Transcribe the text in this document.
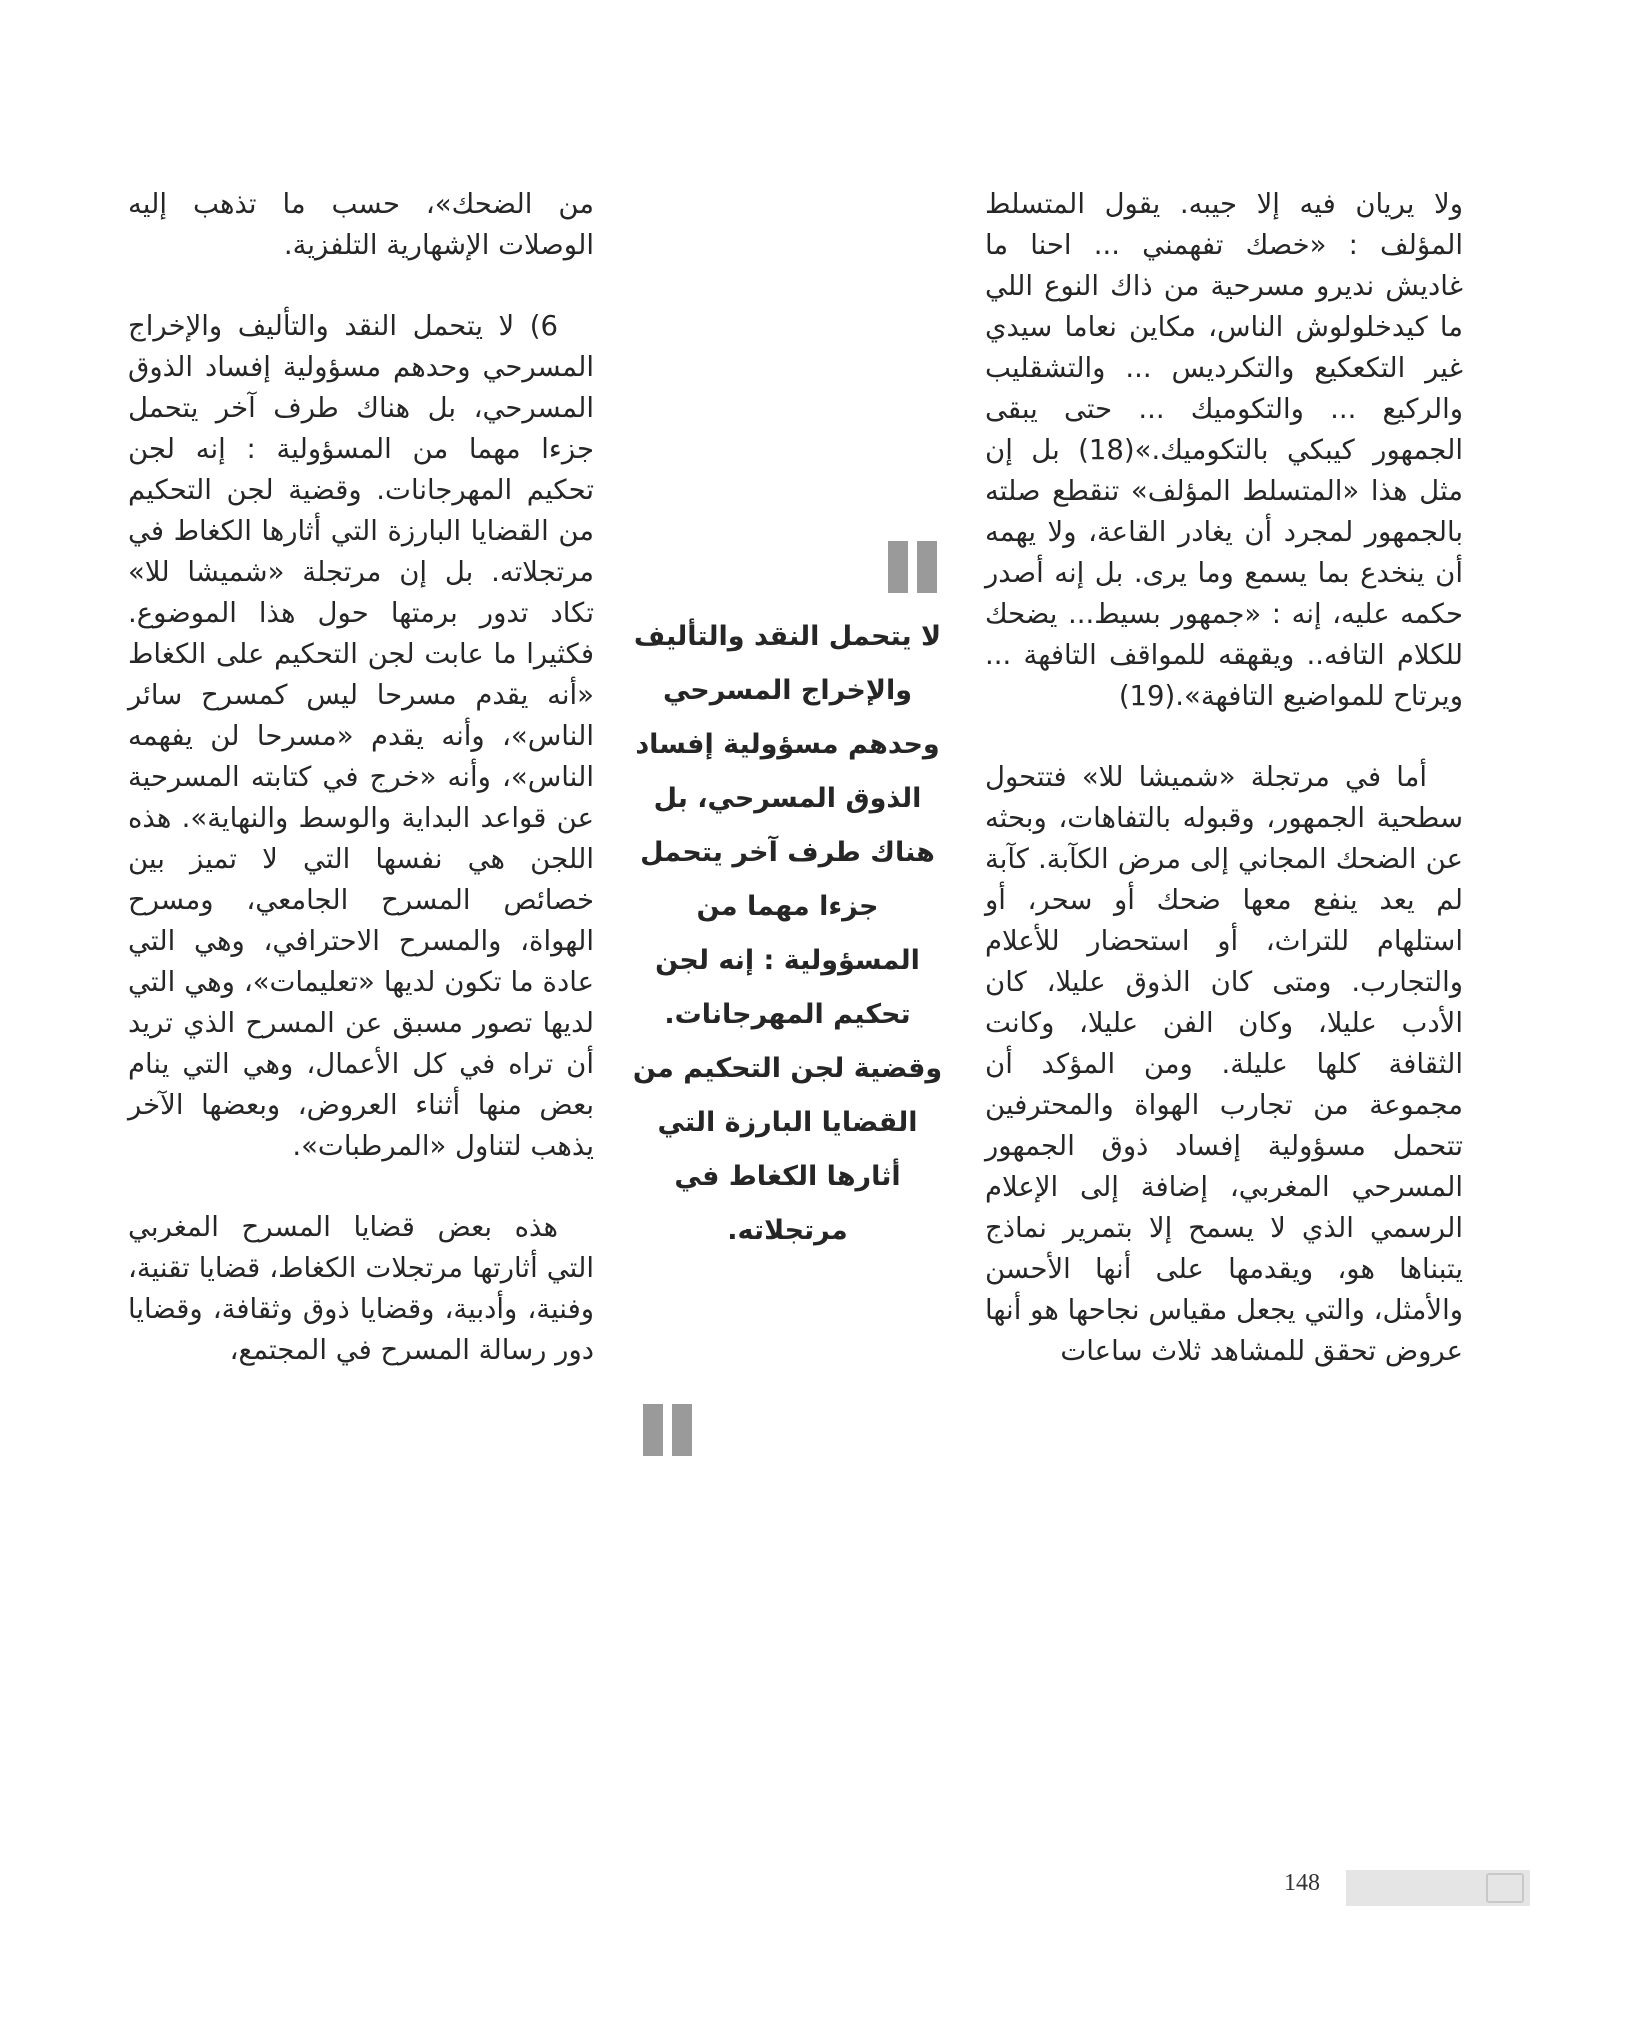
ولا يريان فيه إلا جيبه. يقول المتسلط المؤلف : «خصك تفهمني ... احنا ما غاديش نديرو مسرحية من ذاك النوع اللي ما كيدخلولوش الناس، مكاين نعاما سيدي غير التكعكيع والتكرديس ... والتشقليب والركيع ... والتكوميك ... حتى يبقى الجمهور كيبكي بالتكوميك.»(18) بل إن مثل هذا «المتسلط المؤلف» تنقطع صلته بالجمهور لمجرد أن يغادر القاعة، ولا يهمه أن ينخدع بما يسمع وما يرى. بل إنه أصدر حكمه عليه، إنه : «جمهور بسيط... يضحك للكلام التافه.. ويقهقه للمواقف التافهة ... ويرتاح للمواضيع التافهة».(19)

أما في مرتجلة «شميشا للا» فتتحول سطحية الجمهور، وقبوله بالتفاهات، وبحثه عن الضحك المجاني إلى مرض الكآبة. كآبة لم يعد ينفع معها ضحك أو سحر، أو استلهام للتراث، أو استحضار للأعلام والتجارب. ومتى كان الذوق عليلا، كان الأدب عليلا، وكان الفن عليلا، وكانت الثقافة كلها عليلة. ومن المؤكد أن مجموعة من تجارب الهواة والمحترفين تتحمل مسؤولية إفساد ذوق الجمهور المسرحي المغربي، إضافة إلى الإعلام الرسمي الذي لا يسمح إلا بتمرير نماذج يتبناها هو، ويقدمها على أنها الأحسن والأمثل، والتي يجعل مقياس نجاحها هو أنها عروض تحقق للمشاهد ثلاث ساعات

لا يتحمل النقد والتأليف والإخراج المسرحي وحدهم مسؤولية إفساد الذوق المسرحي، بل هناك طرف آخر يتحمل جزءا مهما من المسؤولية : إنه لجن تحكيم المهرجانات. وقضية لجن التحكيم من القضايا البارزة التي أثارها الكغاط في مرتجلاته.

من الضحك»، حسب ما تذهب إليه الوصلات الإشهارية التلفزية.

6) لا يتحمل النقد والتأليف والإخراج المسرحي وحدهم مسؤولية إفساد الذوق المسرحي، بل هناك طرف آخر يتحمل جزءا مهما من المسؤولية : إنه لجن تحكيم المهرجانات. وقضية لجن التحكيم من القضايا البارزة التي أثارها الكغاط في مرتجلاته. بل إن مرتجلة «شميشا للا» تكاد تدور برمتها حول هذا الموضوع. فكثيرا ما عابت لجن التحكيم على الكغاط «أنه يقدم مسرحا ليس كمسرح سائر الناس»، وأنه يقدم «مسرحا لن يفهمه الناس»، وأنه «خرج في كتابته المسرحية عن قواعد البداية والوسط والنهاية». هذه اللجن هي نفسها التي لا تميز بين خصائص المسرح الجامعي، ومسرح الهواة، والمسرح الاحترافي، وهي التي عادة ما تكون لديها «تعليمات»، وهي التي لديها تصور مسبق عن المسرح الذي تريد أن تراه في كل الأعمال، وهي التي ينام بعض منها أثناء العروض، وبعضها الآخر يذهب لتناول «المرطبات».

هذه بعض قضايا المسرح المغربي التي أثارتها مرتجلات الكغاط، قضايا تقنية، وفنية، وأدبية، وقضايا ذوق وثقافة، وقضايا دور رسالة المسرح في المجتمع،

148
